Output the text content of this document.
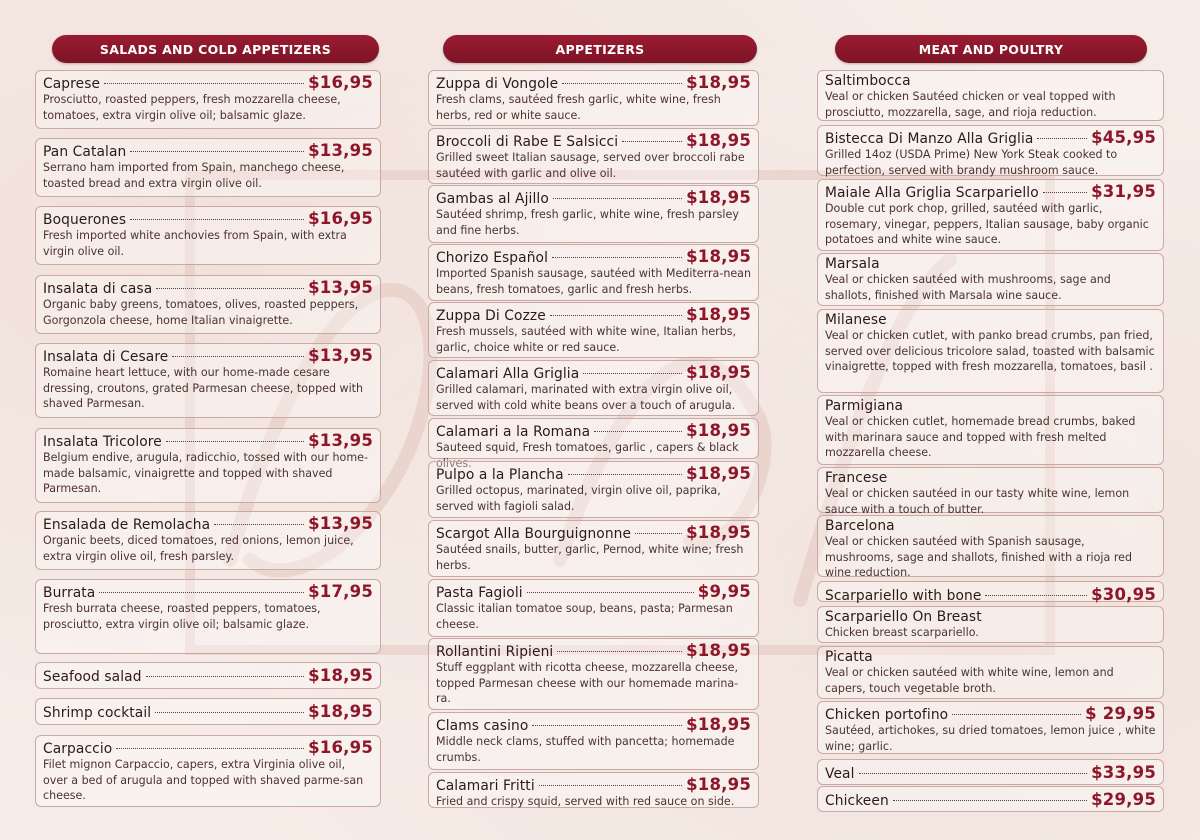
SALADS AND COLD APPETIZERS
Caprese	$16,95
Prosciutto, roasted peppers, fresh mozzarella cheese, tomatoes, extra virgin olive oil; balsamic glaze.
Pan Catalan	$13,95
Serrano ham imported from Spain, manchego cheese, toasted bread and extra virgin olive oil.
Boquerones	$16,95
Fresh imported white anchovies from Spain, with extra virgin olive oil.
Insalata di casa	$13,95
Organic baby greens, tomatoes, olives, roasted peppers, Gorgonzola cheese, home Italian vinaigrette.
Insalata di Cesare	$13,95
Romaine heart lettuce, with our home-made cesare dressing, croutons, grated Parmesan cheese, topped with shaved Parmesan.
Insalata Tricolore	$13,95
Belgium endive, arugula, radicchio, tossed with our home-made balsamic, vinaigrette and topped with shaved Parmesan.
Ensalada de Remolacha	$13,95
Organic beets, diced tomatoes, red onions, lemon juice, extra virgin olive oil, fresh parsley.
Burrata	$17,95
Fresh burrata cheese, roasted peppers, tomatoes, prosciutto, extra virgin olive oil; balsamic glaze.
Seafood salad	$18,95
Shrimp cocktail	$18,95
Carpaccio	$16,95
Filet mignon Carpaccio, capers, extra Virginia olive oil, over a bed of arugula and topped with shaved parme-san cheese.
APPETIZERS
Zuppa di Vongole	$18,95
Fresh clams, sautéed fresh garlic, white wine, fresh herbs, red or white sauce.
Broccoli di Rabe E Salsicci	$18,95
Grilled sweet Italian sausage, served over broccoli rabe sautéed with garlic and olive oil.
Gambas al Ajillo	$18,95
Sautéed shrimp, fresh garlic, white wine, fresh parsley and fine herbs.
Chorizo Español	$18,95
Imported Spanish sausage, sautéed with Mediterra-nean beans, fresh tomatoes, garlic and fresh herbs.
Zuppa Di Cozze	$18,95
Fresh mussels, sautéed with white wine, Italian herbs, garlic, choice white or red sauce.
Calamari Alla Griglia	$18,95
Grilled calamari, marinated with extra virgin olive oil, served with cold white beans over a touch of arugula.
Calamari a la Romana	$18,95
Sauteed squid, Fresh tomatoes, garlic , capers & black olives.
Pulpo a la Plancha	$18,95
Grilled octopus, marinated, virgin olive oil, paprika, served with fagioli salad.
Scargot Alla Bourguignonne	$18,95
Sautéed snails, butter, garlic, Pernod, white wine; fresh herbs.
Pasta Fagioli	$9,95
Classic italian tomatoe soup, beans, pasta; Parmesan cheese.
Rollantini Ripieni	$18,95
Stuff eggplant with ricotta cheese, mozzarella cheese, topped Parmesan cheese with our homemade marina-ra.
Clams casino	$18,95
Middle neck clams, stuffed with pancetta; homemade crumbs.
Calamari Fritti	$18,95
Fried and crispy squid, served with red sauce on side.
MEAT AND POULTRY
Saltimbocca
Veal or chicken Sautéed chicken or veal topped with prosciutto, mozzarella, sage, and rioja reduction.
Bistecca Di Manzo Alla Griglia	$45,95
Grilled 14oz (USDA Prime) New York Steak cooked to perfection, served with brandy mushroom sauce.
Maiale Alla Griglia Scarpariello	$31,95
Double cut pork chop, grilled, sautéed with garlic, rosemary, vinegar, peppers, Italian sausage, baby organic potatoes and white wine sauce.
Marsala
Veal or chicken sautéed with mushrooms, sage and shallots, finished with Marsala wine sauce.
Milanese
Veal or chicken cutlet, with panko bread crumbs, pan fried, served over delicious tricolore salad, toasted with balsamic vinaigrette, topped with fresh mozzarella, tomatoes, basil .
Parmigiana
Veal or chicken cutlet, homemade bread crumbs, baked with marinara sauce and topped with fresh melted mozzarella cheese.
Francese
Veal or chicken sautéed in our tasty white wine, lemon sauce with a touch of butter.
Barcelona
Veal or chicken sautéed with Spanish sausage, mushrooms, sage and shallots, finished with a rioja red wine reduction.
Scarpariello with bone	$30,95
Scarpariello On Breast
Chicken breast scarpariello.
Picatta
Veal or chicken sautéed with white wine, lemon and capers, touch vegetable broth.
Chicken portofino	$ 29,95
Sautéed, artichokes, su dried tomatoes, lemon juice , white wine; garlic.
Veal	$33,95
Chickeen	$29,95
